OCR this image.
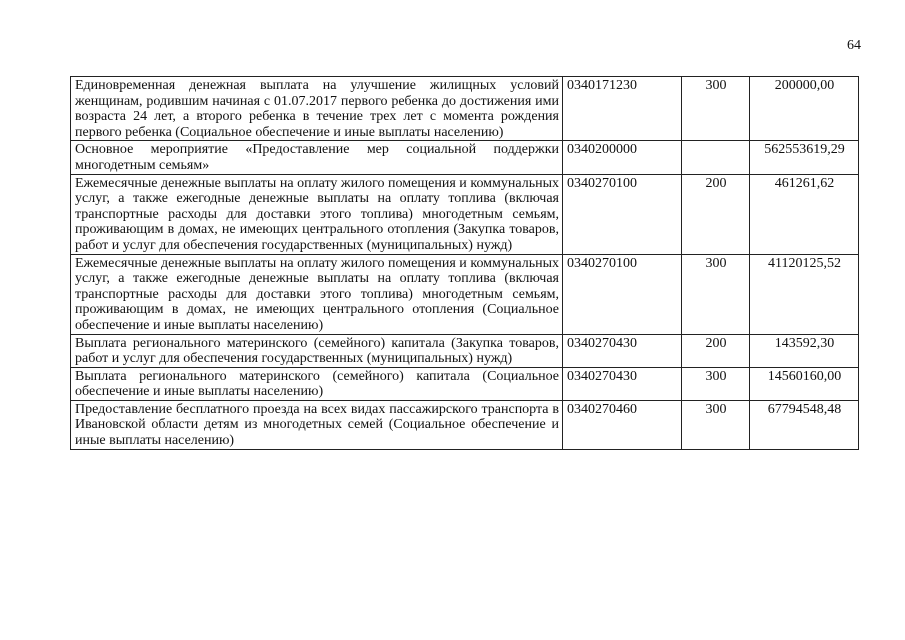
64
Единовременная денежная выплата на улучшение жилищных условий женщинам, родившим начиная с 01.07.2017 первого ребенка до достижения ими возраста 24 лет, а второго ребенка в течение трех лет с момента рождения первого ребенка (Социальное обеспечение и иные выплаты населению)	0340171230	300	200000,00
Основное мероприятие «Предоставление мер социальной поддержки многодетным семьям»	0340200000		562553619,29
Ежемесячные денежные выплаты на оплату жилого помещения и коммунальных услуг, а также ежегодные денежные выплаты на оплату топлива (включая транспортные расходы для доставки этого топлива) многодетным семьям, проживающим в домах, не имеющих центрального отопления (Закупка товаров, работ и услуг для обеспечения государственных (муниципальных) нужд)	0340270100	200	461261,62
Ежемесячные денежные выплаты на оплату жилого помещения и коммунальных услуг, а также ежегодные денежные выплаты на оплату топлива (включая транспортные расходы для доставки этого топлива) многодетным семьям, проживающим в домах, не имеющих центрального отопления (Социальное обеспечение и иные выплаты населению)	0340270100	300	41120125,52
Выплата регионального материнского (семейного) капитала (Закупка товаров, работ и услуг для обеспечения государственных (муниципальных) нужд)	0340270430	200	143592,30
Выплата регионального материнского (семейного) капитала (Социальное обеспечение и иные выплаты населению)	0340270430	300	14560160,00
Предоставление бесплатного проезда на всех видах пассажирского транспорта в Ивановской области детям из многодетных семей (Социальное обеспечение и иные выплаты населению)	0340270460	300	67794548,48
